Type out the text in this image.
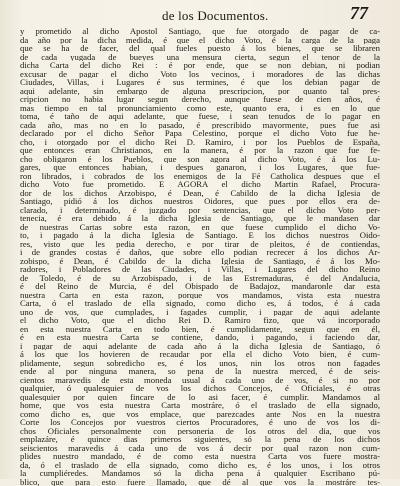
de los Documentos.	77
y prometido al dicho Apostol Santiago, que fue otorgado de pagar de ca-
da año por la dicha medida, é que el dicho Voto, é la carga de la paga
que se ha de facer, del qual fueles puesto á los bienes, que se libraren
de cada yugada de bueyes una mensura cierta, segun el tenor de la
dicha Carta del dicho Rei : é por ende, que se non debian, ni podian
excusar de pagar el dicho Voto los vecinos, i moradores de las dichas
Ciudades, Villas, i Lugares é sus termines, é que los debian pagar de
aqui adelante, sin embargo de alguna prescripcion, por quanto tal pres-
cripcion no habia lugar segun derecho, aunque fuese de cien años, é
mas tiempo en tal pronunciamiento como este, quanto era, i es en lo que
toma, é taño de aqui adelante, que fuese, i sean tenudos de lo pagar en
cada año, mas no en lo pasado, é prescribido mayormente, pues fue asi
declarado por el dicho Señor Papa Celestino, porque el dicho Voto fue he-
cho, i otorgado por el dicho Rei D. Ramiro, i por los Pueblos de España,
que entonces eran Christianos, en la manera, é por la razon que fue fe-
cho obligaron é los Pueblos, que son agora al dicho Voto, é á los Lu-
gares, que entonces habian, i despues ganaron, i los Lugares, que fue-
ron librados, i cobrados de los enemigos de la Fé Catholica despues que el
dicho Voto fue prometido. E AGORA el dicho Martin Rafael, Procura-
dor de los dichos Arzobispo, é Dean, é Cabildo de la dicha Iglesia de
Santiago, pidió á los dichos nuestros Oidores, que pues por ellos era de-
clarado, i determinado, é juzgado por sentencias, que el dicho Voto per-
tenecia, é era debido á la dicha Iglesia de Santiago, que le mandasen dar
de nuestras Cartas sobre esta razon, en que fuese cumplido el dicho Vo-
to, i pagado á la dicha Iglesia de Santiago. E los dichos nuestros Oido-
res, visto que les pedia derecho, e por tirar de pleitos, é de contiendas,
i de grandes costas é daños, que sobre ello podian recrecer á los dichos Ar-
zobispo, é Dean, é Cabildo de la dicha Iglesia de Santiago, é á los Mo-
radores, i Pobladores de las Ciudades, i Villas, i Lugares del dicho Reino
de Toledo, é de su Arzobispado, i de las Estremaduras, é del Andalucia,
é del Reino de Murcia, é del Obispado de Badajoz, mandaronle dar esta
nuestra Carta en esta razon, porque vos mandamos, vista esta nuestra
Carta, ó el traslado de ella signado, como dicho es, á todos, é á cada
uno de vos, que cumplades, i fagades cumplir, i pagar de aqui adelante
el dicho Voto, que el dicho Rei D. Ramiro fizo, que vá incorporado
en esta nuestra Carta en todo bien, é cumplidamente, segun que en él,
é en esta nuestra Carta se contiene, dando, i pagando, i faciendo dar,
i pagar de aqui adelante de cada año á la dicha Iglesia de Santiago, ó
á los que los hovieren de recaudar por ella el dicho Voto bien, é cum-
plidamente, segun sobredicho es, é los unos, nin los otros non fagades
ende al por ninguna manera, so pena de la nuestra merced, é de seis-
cientos maravedis de esta moneda usual á cada uno de vos, é si no por
qualquier, ó qualesquier de vos los dichos Concejos, é Oficiales, é otras
qualesquier por quien fincare de lo asi facer, é cumplir. Mandamos al
home, que vos esta nuestra Carta mostráre, ó el traslado de ella signado,
como dicho es, que vos emplace, que parezcades ante Nos en la nuestra
Corte los Concejos por vuestros ciertos Procuradores, é uno de vos los di-
chos Oficiales personalmente con personeria de los otros del dia, que vos
emplazáre, é quince dias primeros siguientes, só la pena de los dichos
seiscientos maravedis á cada uno de vos á decir por qual razon non cum-
plides nuestro mandado, é de como esta nuestra Carta vos fuere mostra-
da, ó el traslado de ella signado, como dicho es, é los unos, i los otros
la cumpliéredes. Mandamos só la dicha pena á qualquier Escribano pú-
blico, que para esto fuere llamado, que dé al que vos la mostráre tes-
